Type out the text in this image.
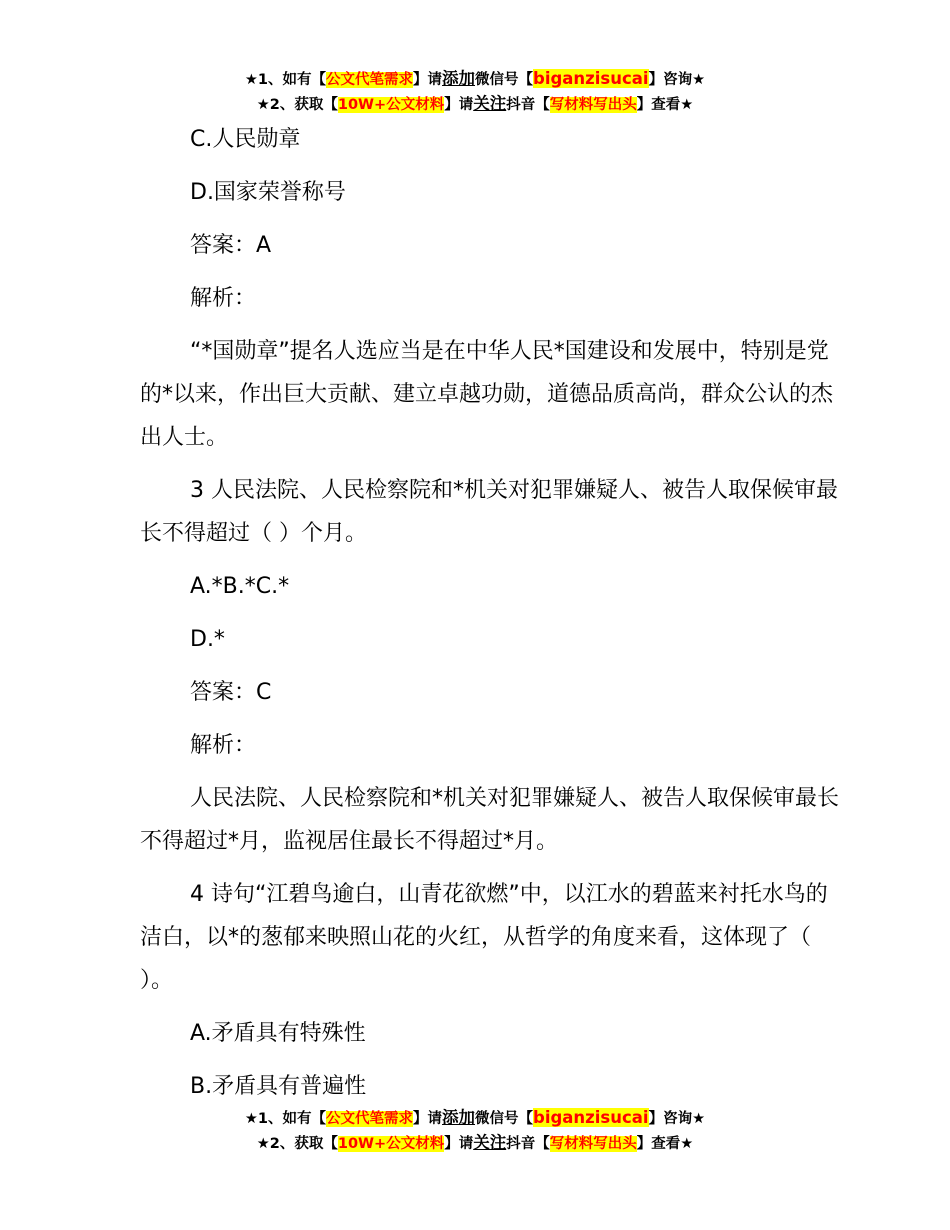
★1、如有【公文代笔需求】请添加微信号【biganzisucai】咨询★
★2、获取【10W+公文材料】请关注抖音【写材料写出头】查看★

C.人民勋章

D.国家荣誉称号

答案：A

解析：

“*国勋章”提名人选应当是在中华人民*国建设和发展中，特别是党的*以来，作出巨大贡献、建立卓越功勋，道德品质高尚，群众公认的杰出人士。

3 人民法院、人民检察院和*机关对犯罪嫌疑人、被告人取保候审最长不得超过（ ）个月。

A.*B.*C.*

D.*

答案：C

解析：

人民法院、人民检察院和*机关对犯罪嫌疑人、被告人取保候审最长不得超过*月，监视居住最长不得超过*月。

4 诗句“江碧鸟逾白，山青花欲燃”中，以江水的碧蓝来衬托水鸟的洁白，以*的葱郁来映照山花的火红，从哲学的角度来看，这体现了（ ）。

A.矛盾具有特殊性

B.矛盾具有普遍性

★1、如有【公文代笔需求】请添加微信号【biganzisucai】咨询★
★2、获取【10W+公文材料】请关注抖音【写材料写出头】查看★
